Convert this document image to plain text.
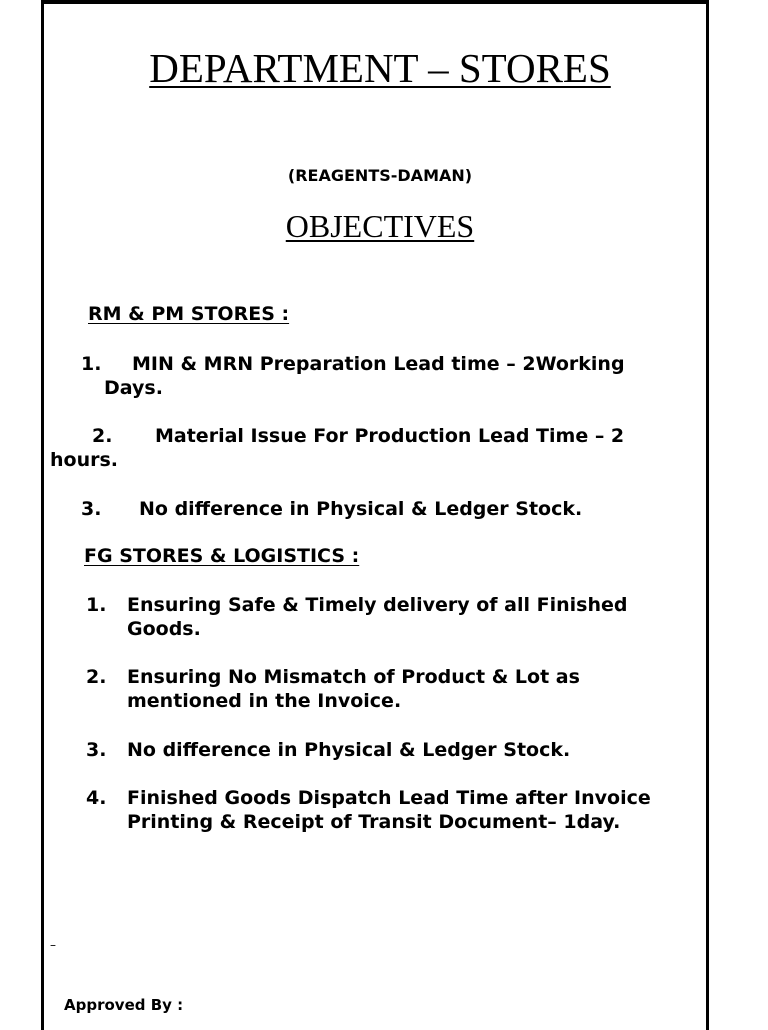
DEPARTMENT – STORES
(REAGENTS-DAMAN)
OBJECTIVES
RM & PM STORES :
1. MIN & MRN Preparation Lead time – 2Working
Days.
2. Material Issue For Production Lead Time – 2
hours.
3. No difference in Physical & Ledger Stock.
FG STORES & LOGISTICS :
1. Ensuring Safe & Timely delivery of all Finished Goods.
2. Ensuring No Mismatch of Product & Lot as mentioned in the Invoice.
3. No difference in Physical & Ledger Stock.
4. Finished Goods Dispatch Lead Time after Invoice Printing & Receipt of Transit Document– 1day.
–
Approved By :
